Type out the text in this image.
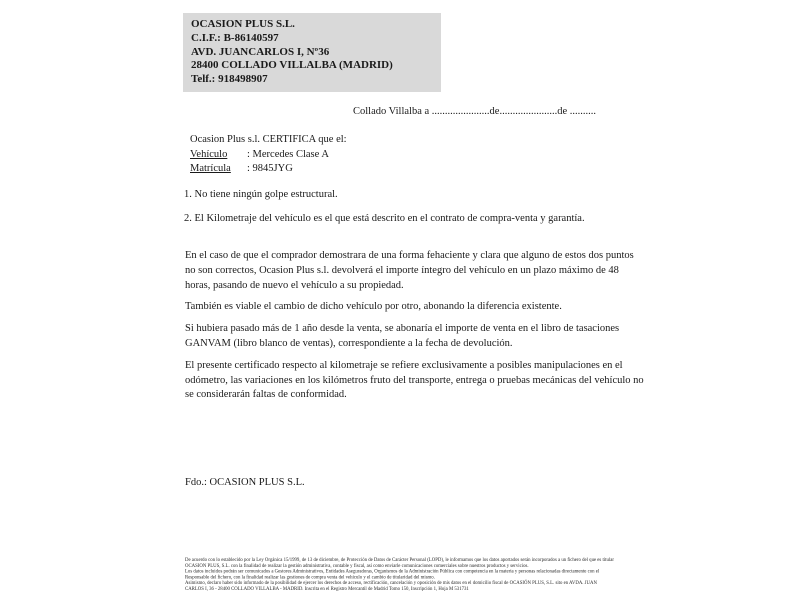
OCASION PLUS S.L.
C.I.F.: B-86140597
AVD. JUANCARLOS I, Nº36
28400 COLLADO VILLALBA (MADRID)
Telf.: 918498907
Collado Villalba a ......................de......................de ..........
Ocasion Plus s.l. CERTIFICA que el:
Vehículo : Mercedes Clase A
Matrícula : 9845JYG

1. No tiene ningún golpe estructural.

2. El Kilometraje del vehículo es el que está descrito en el contrato de compra-venta y garantía.

En el caso de que el comprador demostrara de una forma fehaciente y clara que alguno de estos dos puntos no son correctos, Ocasion Plus s.l. devolverá el importe íntegro del vehículo en un plazo máximo de 48 horas, pasando de nuevo el vehículo a su propiedad.

También es viable el cambio de dicho vehículo por otro, abonando la diferencia existente.

Si hubiera pasado más de 1 año desde la venta, se abonaría el importe de venta en el libro de tasaciones GANVAM (libro blanco de ventas), correspondiente a la fecha de devolución.

El presente certificado respecto al kilometraje se refiere exclusivamente a posibles manipulaciones en el odómetro, las variaciones en los kilómetros fruto del transporte, entrega o pruebas mecánicas del vehículo no se considerarán faltas de conformidad.

Fdo.: OCASION PLUS S.L.
De acuerdo con lo establecido por la Ley Orgánica 15/1999, de 13 de diciembre, de Protección de Datos de Carácter Personal (LOPD), le informamos que los datos aportados serán incorporados a un fichero del que es titular
OCASION PLUS, S.L. con la finalidad de realizar la gestión administrativa, contable y fiscal, así como enviarle comunicaciones comerciales sobre nuestros productos y servicios.
Los datos incluidos podrán ser comunicados a Gestores Administrativos, Entidades Aseguradoras, Organismos de la Administración Pública con competencia en la materia y personas relacionadas directamente con el
Responsable del fichero, con la finalidad realizar las gestiones de compra venta del vehículo y el cambio de titularidad del mismo.
Asimismo, declaro haber sido informado de la posibilidad de ejercer los derechos de acceso, rectificación, cancelación y oposición de mis datos en el domicilio fiscal de OCASIÓN PLUS, S.L. sito en AVDA. JUAN
CARLOS I, 36 - 28400 COLLADO VILLALBA - MADRID. Inscrita en el Registro Mercantil de Madrid Tomo 150, Inscripción 1, Hoja M 531731
